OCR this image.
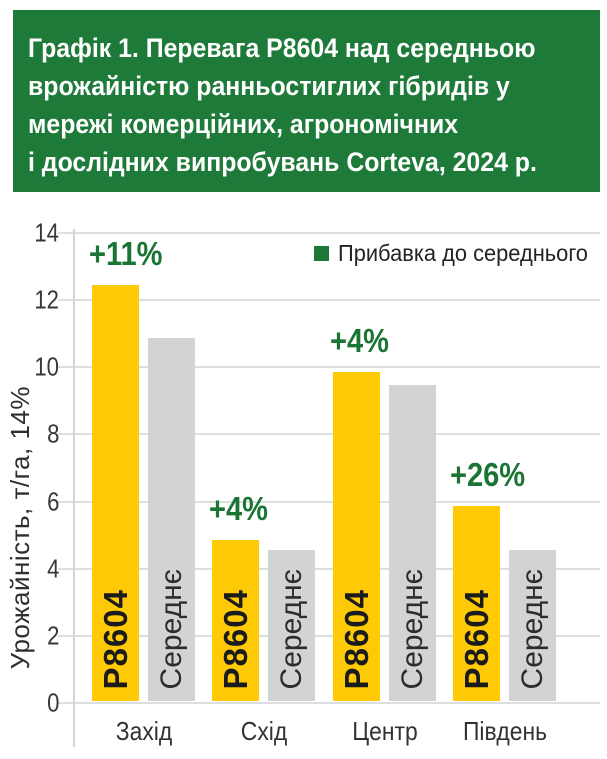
Графік 1. Перевага P8604 над середньою
врожайністю ранньостиглих гібридів у
мережі комерційних, агрономічних
і дослідних випробувань Corteva, 2024 р.
Урожайність, т/га, 14%
14
12
10
8
6
4
2
0
Прибавка до середнього
+11%
P8604 Середнє
Захід
+4%
P8604 Середнє
Схід
+4%
P8604 Середнє
Центр
+26%
P8604 Середнє
Південь
